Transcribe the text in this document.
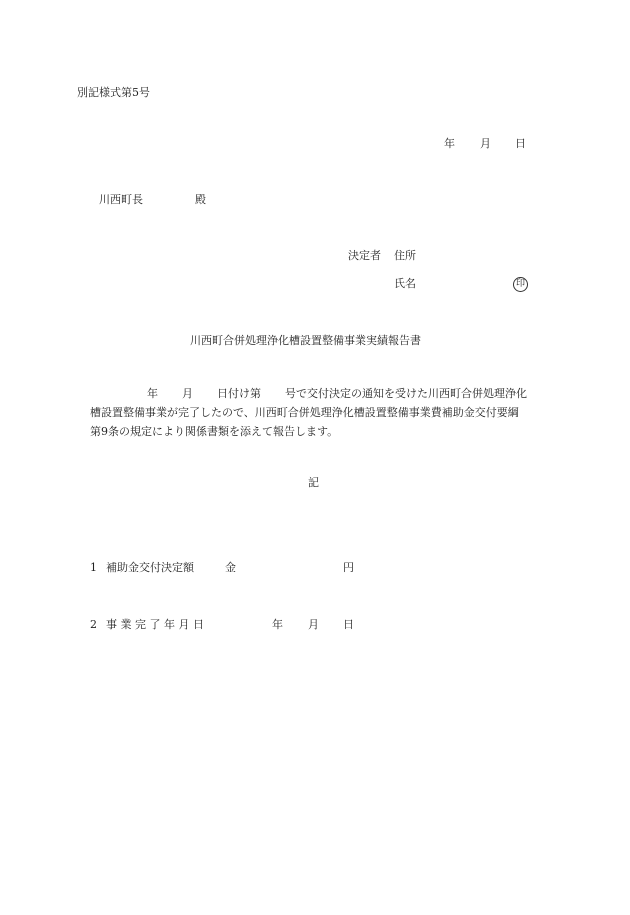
別記様式第5号
年 月 日
川西町長	殿
決定者 住所
氏名	印
川西町合併処理浄化槽設置整備事業実績報告書
年 月 日付け第 号で交付決定の通知を受けた川西町合併処理浄化
槽設置整備事業が完了したので、川西町合併処理浄化槽設置整備事業費補助金交付要綱
第9条の規定により関係書類を添えて報告します。
記
1 補助金交付決定額	金	円
2 事 業 完 了 年 月 日	年 月 日
